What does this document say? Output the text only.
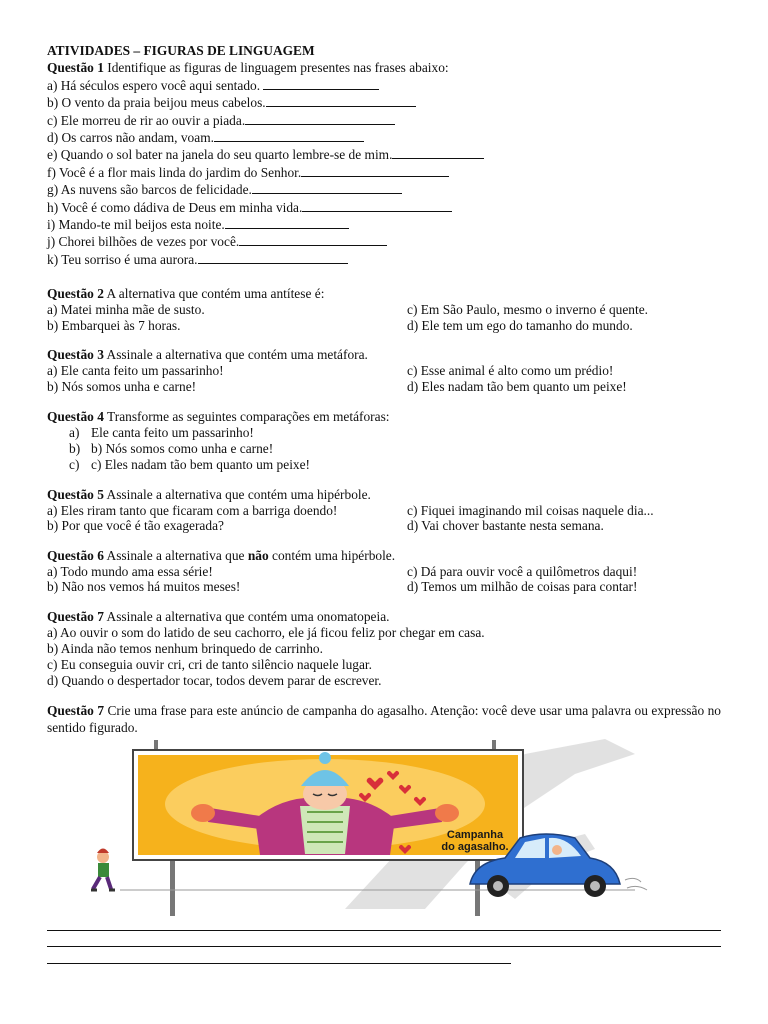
ATIVIDADES – FIGURAS DE LINGUAGEM
Questão 1 Identifique as figuras de linguagem presentes nas frases abaixo:
a) Há séculos espero você aqui sentado.
b) O vento da praia beijou meus cabelos.
c) Ele morreu de rir ao ouvir a piada.
d) Os carros não andam, voam.
e) Quando o sol bater na janela do seu quarto lembre-se de mim.
f) Você é a flor mais linda do jardim do Senhor.
g) As nuvens são barcos de felicidade.
h) Você é como dádiva de Deus em minha vida.
i) Mando-te mil beijos esta noite.
j) Chorei bilhões de vezes por você.
k) Teu sorriso é uma aurora.
Questão 2 A alternativa que contém uma antítese é:
a) Matei minha mãe de susto.	c) Em São Paulo, mesmo o inverno é quente.
b) Embarquei às 7 horas.	d) Ele tem um ego do tamanho do mundo.
Questão 3 Assinale a alternativa que contém uma metáfora.
a) Ele canta feito um passarinho!	c) Esse animal é alto como um prédio!
b) Nós somos unha e carne!	d) Eles nadam tão bem quanto um peixe!
Questão 4 Transforme as seguintes comparações em metáforas:
a) Ele canta feito um passarinho!
b) b) Nós somos como unha e carne!
c) c) Eles nadam tão bem quanto um peixe!
Questão 5 Assinale a alternativa que contém uma hipérbole.
a) Eles riram tanto que ficaram com a barriga doendo!	c) Fiquei imaginando mil coisas naquele dia...
b) Por que você é tão exagerada?	d) Vai chover bastante nesta semana.
Questão 6 Assinale a alternativa que não contém uma hipérbole.
a) Todo mundo ama essa série!	c) Dá para ouvir você a quilômetros daqui!
b) Não nos vemos há muitos meses!	d) Temos um milhão de coisas para contar!
Questão 7 Assinale a alternativa que contém uma onomatopeia.
a) Ao ouvir o som do latido de seu cachorro, ele já ficou feliz por chegar em casa.
b) Ainda não temos nenhum brinquedo de carrinho.
c) Eu conseguia ouvir cri, cri de tanto silêncio naquele lugar.
d) Quando o despertador tocar, todos devem parar de escrever.
Questão 7 Crie uma frase para este anúncio de campanha do agasalho. Atenção: você deve usar uma palavra ou expressão no sentido figurado.
Campanha
do agasalho.
